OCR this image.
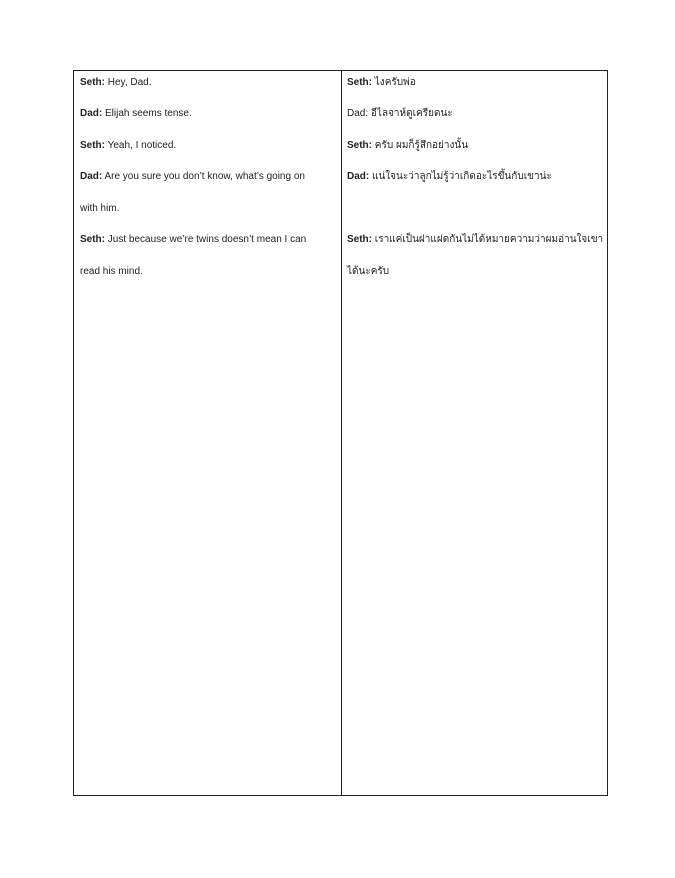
Seth: Hey, Dad.
Dad: Elijah seems tense.
Seth: Yeah, I noticed.
Dad: Are you sure you don’t know, what’s going on
with him.
Seth: Just because we’re twins doesn’t mean I can
read his mind.
Seth: ไงครับพ่อ
Dad: อีไลจาห์ดูเครียดนะ
Seth: ครับ ผมก็รู้สึกอย่างนั้น
Dad: แน่ใจนะว่าลูกไม่รู้ว่าเกิดอะไรขึ้นกับเขาน่ะ
Seth: เราแค่เป็นฝาแฝดกันไม่ได้หมายความว่าผมอ่านใจเขา
ได้นะครับ
